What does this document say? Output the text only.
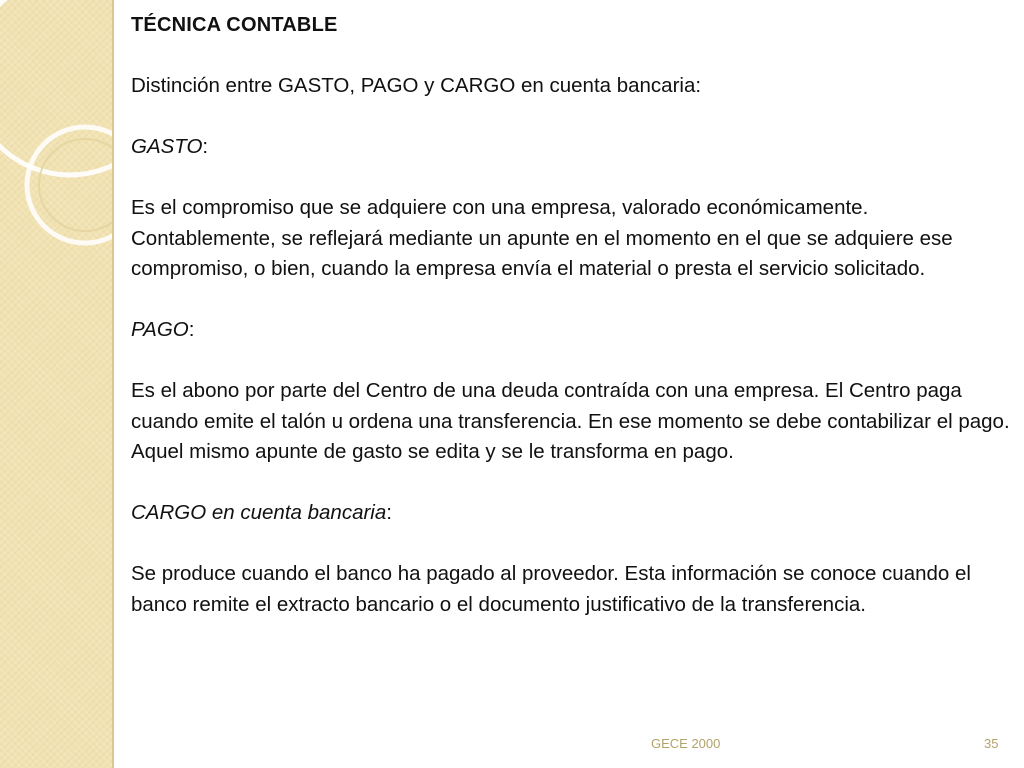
TÉCNICA CONTABLE

Distinción entre GASTO, PAGO y CARGO en cuenta bancaria:

GASTO:

Es el compromiso que se adquiere con una empresa, valorado económicamente. Contablemente, se reflejará mediante un apunte en el momento en el que se adquiere ese compromiso, o bien, cuando la empresa envía el material o presta el servicio solicitado.

PAGO:

Es el abono por parte del Centro de una deuda contraída con una empresa. El Centro paga cuando emite el talón u ordena una transferencia. En ese momento se debe contabilizar el pago. Aquel mismo apunte de gasto se edita y se le transforma en pago.

CARGO en cuenta bancaria:

Se produce cuando el banco ha pagado al proveedor. Esta información se conoce cuando el banco remite el extracto bancario o el documento justificativo de la transferencia.

GECE 2000	35
